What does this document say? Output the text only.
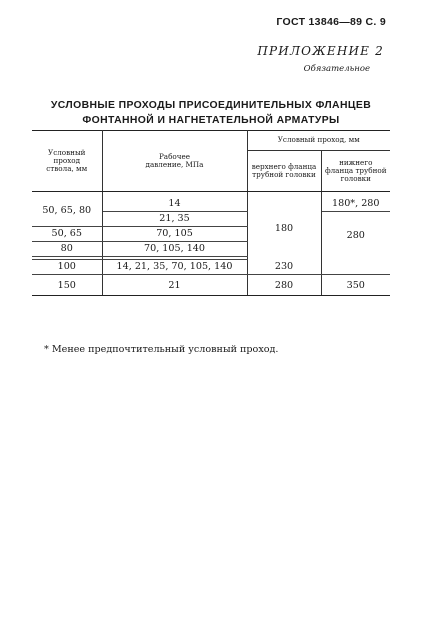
ГОСТ 13846—89 С. 9
ПРИЛОЖЕНИЕ 2
Обязательное
УСЛОВНЫЕ ПРОХОДЫ ПРИСОЕДИНИТЕЛЬНЫХ ФЛАНЦЕВ
ФОНТАННОЙ И НАГНЕТАТЕЛЬНОЙ АРМАТУРЫ
Условный проход ствола, мм	Рабочее давление, МПа	Условный проход, мм	
		верхнего фланца трубной головки	нижнего фланца трубной головки

50, 65, 80	14	180	180*, 280
	21, 35		280
50, 65	70, 105		
80	70, 105, 140		

100	14, 21, 35, 70, 105, 140	230	
150	21	280	350
* Менее предпочтительный условный проход.
